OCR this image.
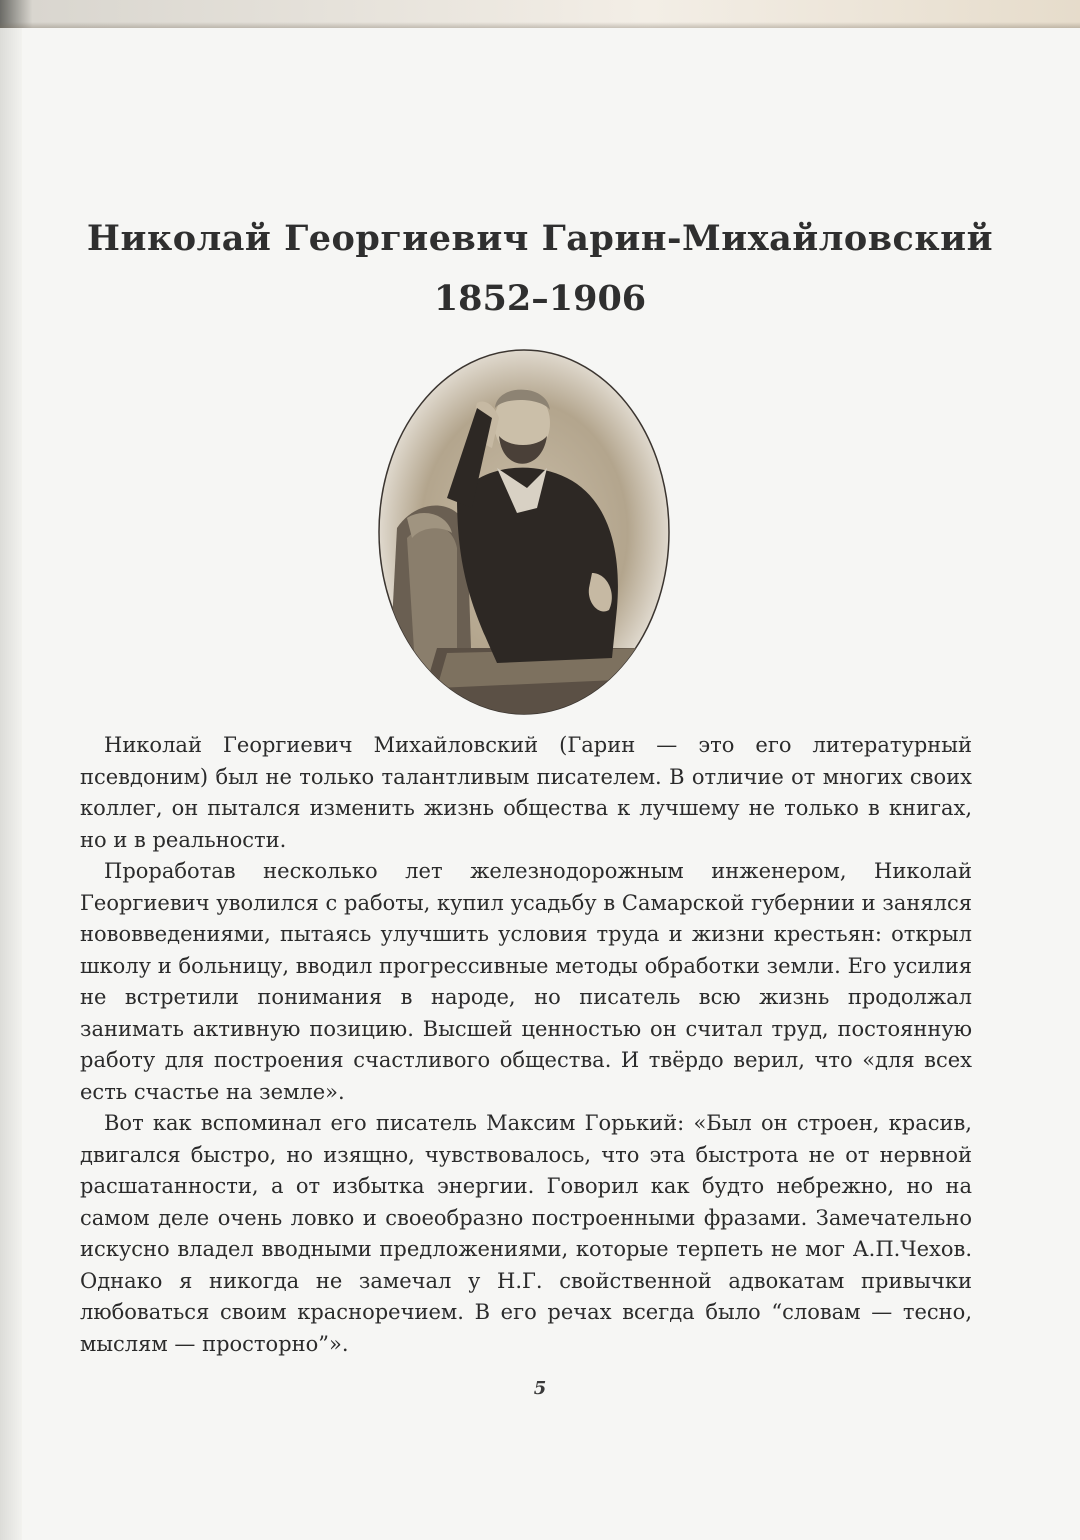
Николай Георгиевич Гарин-Михайловский
1852–1906

Николай Георгиевич Михайловский (Гарин — это его литературный псевдоним) был не только талантливым писателем. В отличие от многих своих коллег, он пытался изменить жизнь общества к лучшему не только в книгах, но и в реальности.

Проработав несколько лет железнодорожным инженером, Николай Георгиевич уволился с работы, купил усадьбу в Самарской губернии и занялся нововведениями, пытаясь улучшить условия труда и жизни крестьян: открыл школу и больницу, вводил прогрессивные методы обработки земли. Его усилия не встретили понимания в народе, но писатель всю жизнь продолжал занимать активную позицию. Высшей ценностью он считал труд, постоянную работу для построения счастливого общества. И твёрдо верил, что «для всех есть счастье на земле».

Вот как вспоминал его писатель Максим Горький: «Был он строен, красив, двигался быстро, но изящно, чувствовалось, что эта быстрота не от нервной расшатанности, а от избытка энергии. Говорил как будто небрежно, но на самом деле очень ловко и своеобразно построенными фразами. Замечательно искусно владел вводными предложениями, которые терпеть не мог А.П.Чехов. Однако я никогда не замечал у Н.Г. свойственной адвокатам привычки любоваться своим красноречием. В его речах всегда было “словам — тесно, мыслям — просторно”».

5
